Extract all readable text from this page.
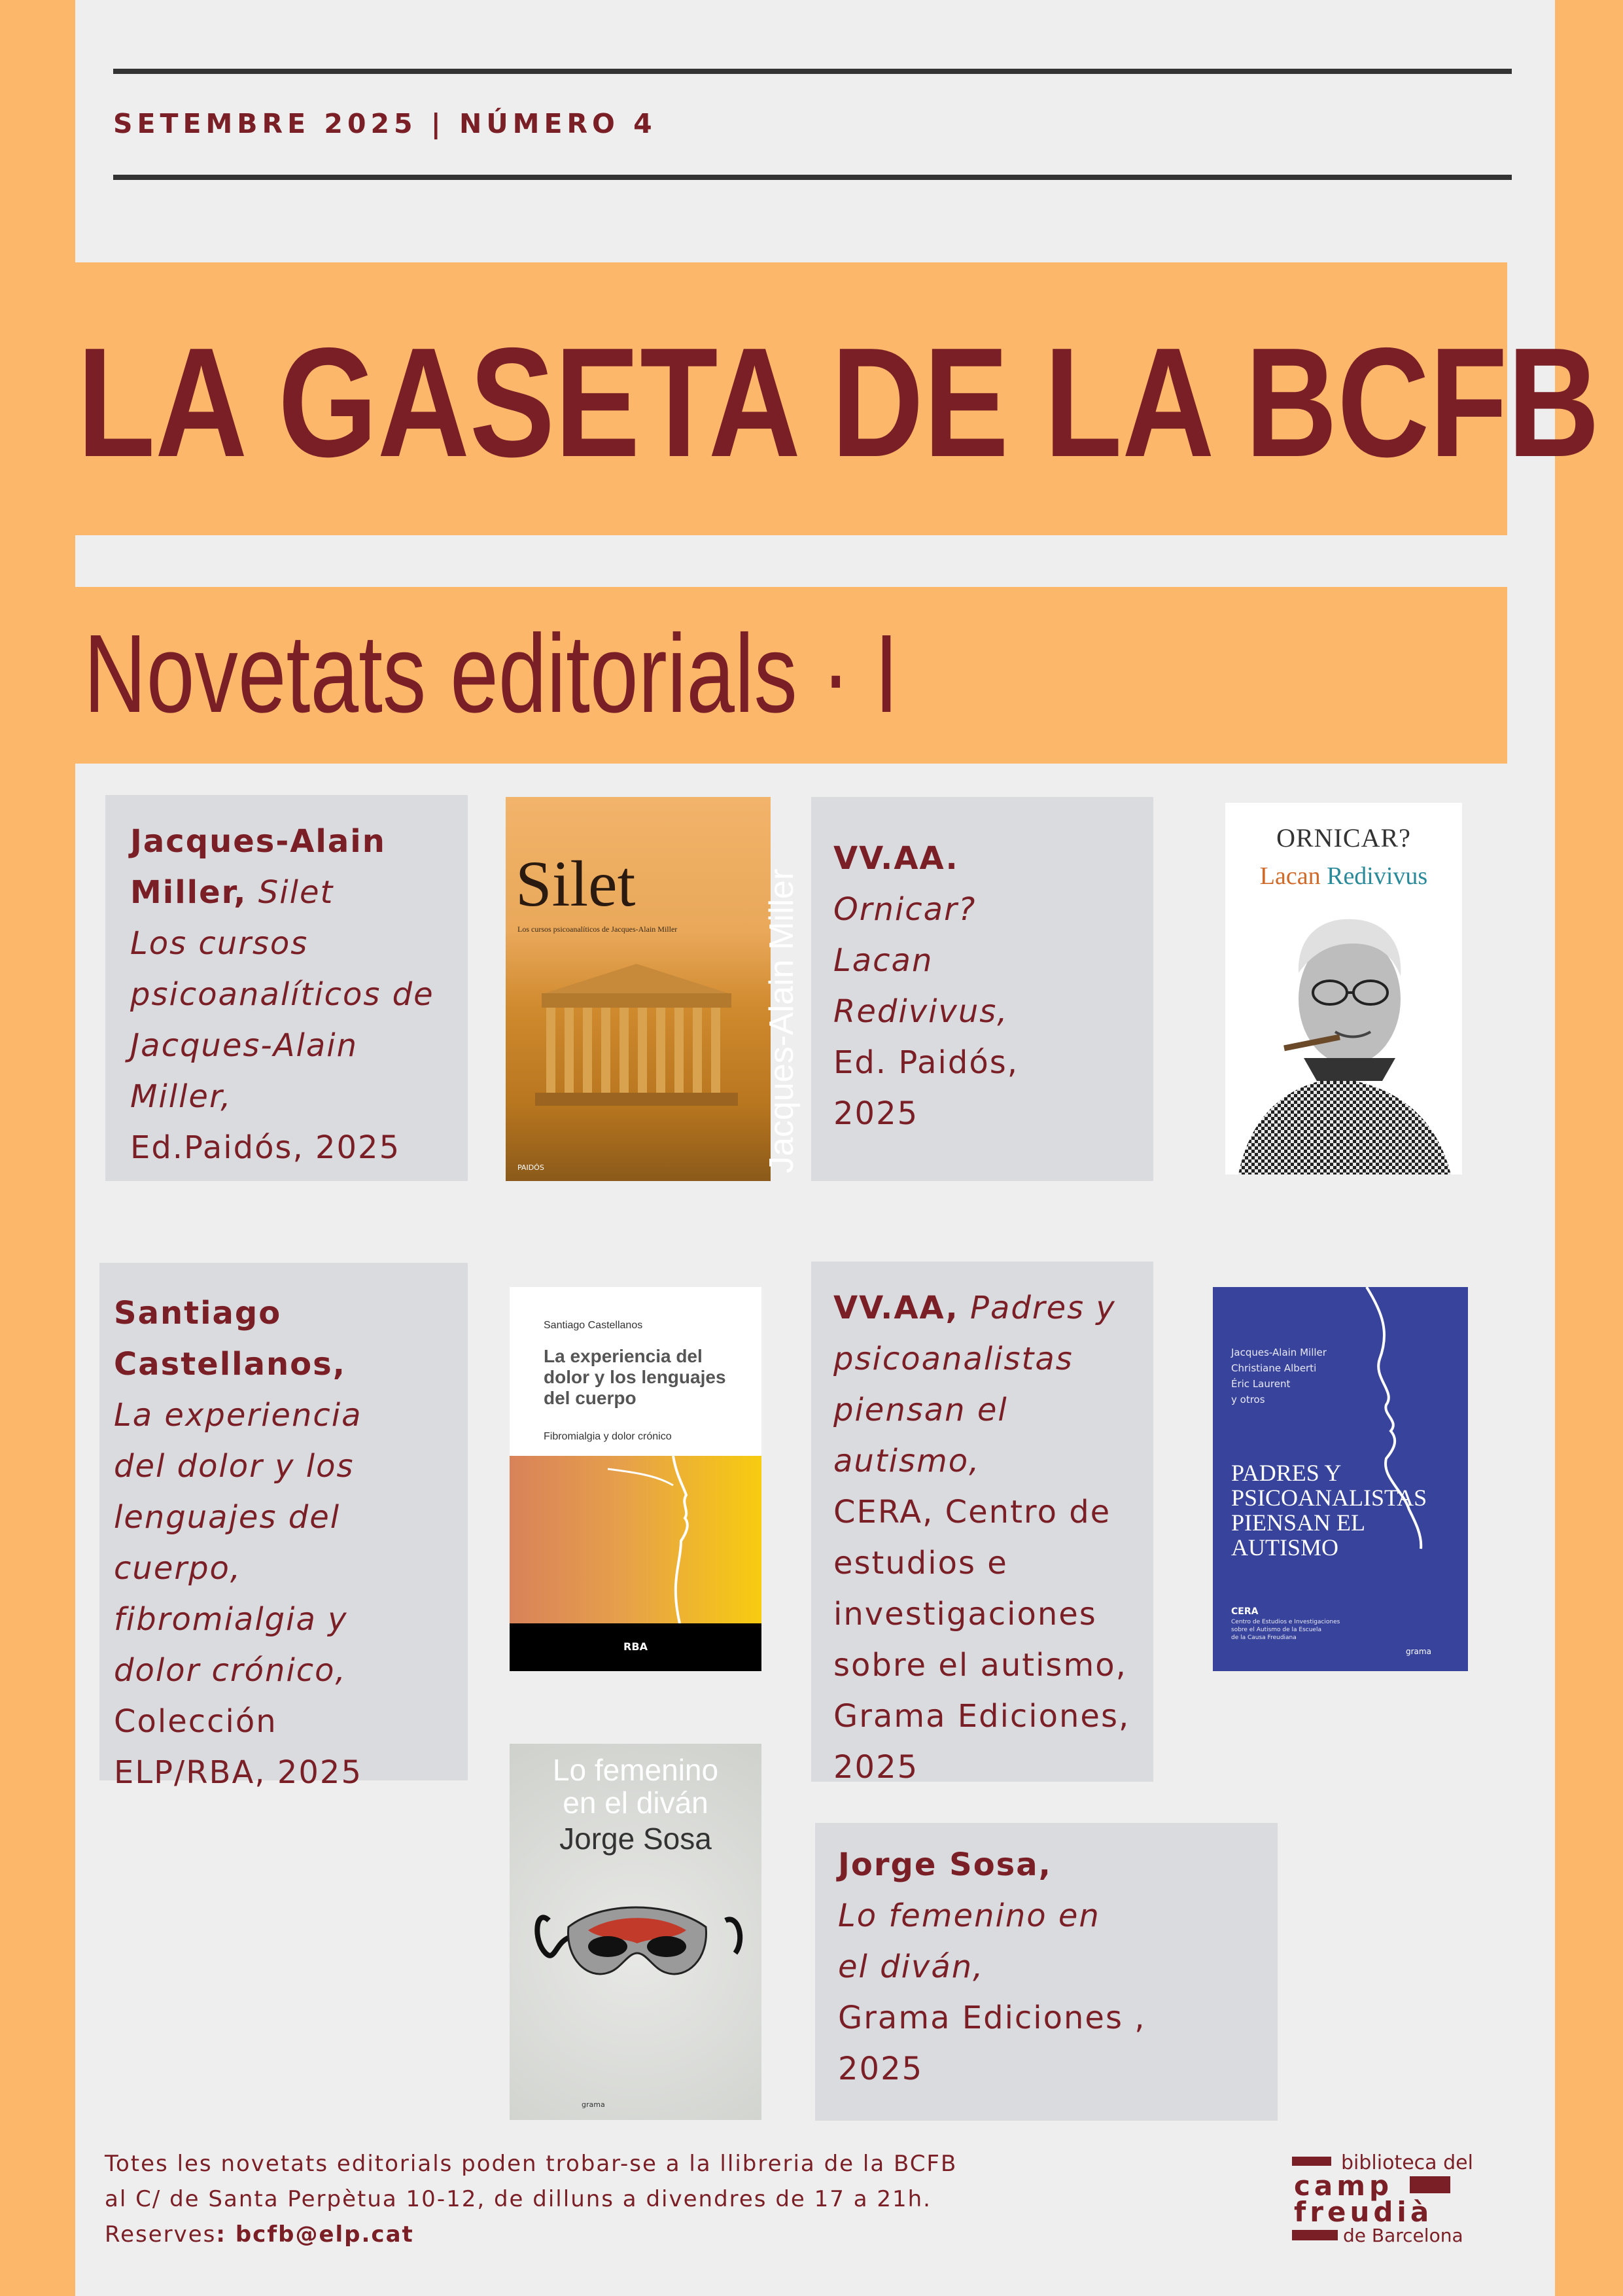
SETEMBRE 2025 | NÚMERO 4
LA GASETA DE LA BCFB
Novetats editorials · I
Jacques-Alain Miller, Silet
Los cursos psicoanalíticos de Jacques-Alain Miller,
Ed.Paidós, 2025
Silet
Los cursos psicoanalíticos de Jacques-Alain Miller	Jacques-Alain Miller
PAIDÓS
VV.AA.

Ornicar? Lacan Redivivus,
Ed. Paidós, 2025
ORNICAR?
Lacan Redivivus
Santiago Castellanos,
La experiencia del dolor y los lenguajes del cuerpo, fibromialgia y dolor crónico,
Colección ELP/RBA, 2025
Santiago Castellanos
La experiencia del dolor y los lenguajes del cuerpo
Fibromialgia y dolor crónico
RBA
VV.AA, Padres y psicoanalistas piensan el autismo,

CERA, Centro de estudios e investigaciones sobre el autismo, Grama Ediciones, 2025
Jacques-Alain Miller
Christiane Alberti
Éric Laurent
y otros
PADRES Y
PSICOANALISTAS
PIENSAN EL
AUTISMO
CERA
Centro de Estudios e Investigaciones
sobre el Autismo de la Escuela
de la Causa Freudiana
grama
Lo femenino
en el diván
Jorge Sosa
grama
Jorge Sosa,

Lo femenino en el diván,
Grama Ediciones , 2025
Totes les novetats editorials poden trobar-se a la llibreria de la BCFB
al C/ de Santa Perpètua 10-12, de dilluns a divendres de 17 a 21h.
Reserves: bcfb@elp.cat
biblioteca del
camp
freudià
de Barcelona
